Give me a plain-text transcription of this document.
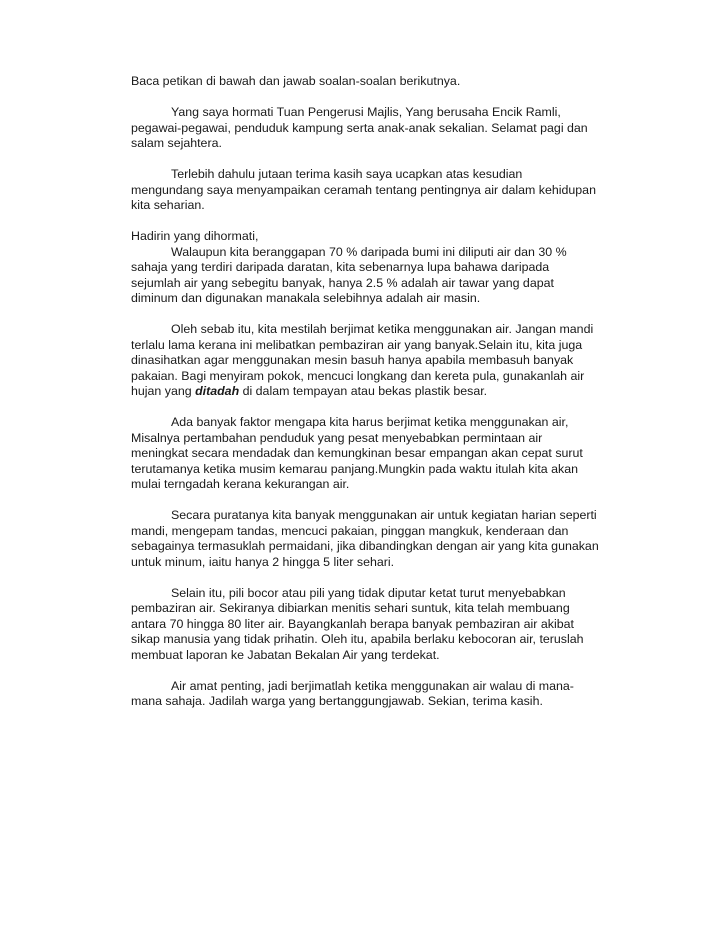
Baca petikan di bawah dan jawab soalan-soalan berikutnya.
Yang saya hormati Tuan Pengerusi Majlis, Yang berusaha Encik Ramli,
pegawai-pegawai, penduduk kampung serta anak-anak sekalian. Selamat pagi dan
salam sejahtera.
Terlebih dahulu jutaan terima kasih saya ucapkan atas kesudian
mengundang saya menyampaikan ceramah tentang pentingnya air dalam kehidupan
kita seharian.
Hadirin yang dihormati,
Walaupun kita beranggapan 70 % daripada bumi ini diliputi air dan 30 %
sahaja yang terdiri daripada daratan, kita sebenarnya lupa bahawa daripada
sejumlah air yang sebegitu banyak, hanya 2.5 % adalah air tawar yang dapat
diminum dan digunakan manakala selebihnya adalah air masin.
Oleh sebab itu, kita mestilah berjimat ketika menggunakan air. Jangan mandi
terlalu lama kerana ini melibatkan pembaziran air yang banyak.Selain itu, kita juga
dinasihatkan agar menggunakan mesin basuh hanya apabila membasuh banyak
pakaian. Bagi menyiram pokok, mencuci longkang dan kereta pula, gunakanlah air
hujan yang ditadah di dalam tempayan atau bekas plastik besar.
Ada banyak faktor mengapa kita harus berjimat ketika menggunakan air,
Misalnya pertambahan penduduk yang pesat menyebabkan permintaan air
meningkat secara mendadak dan kemungkinan besar empangan akan cepat surut
terutamanya ketika musim kemarau panjang.Mungkin pada waktu itulah kita akan
mulai terngadah kerana kekurangan air.
Secara puratanya kita banyak menggunakan air untuk kegiatan harian seperti
mandi, mengepam tandas, mencuci pakaian, pinggan mangkuk, kenderaan dan
sebagainya termasuklah permaidani, jika dibandingkan dengan air yang kita gunakan
untuk minum, iaitu hanya 2 hingga 5 liter sehari.
Selain itu, pili bocor atau pili yang tidak diputar ketat turut menyebabkan
pembaziran air. Sekiranya dibiarkan menitis sehari suntuk, kita telah membuang
antara 70 hingga 80 liter air. Bayangkanlah berapa banyak pembaziran air akibat
sikap manusia yang tidak prihatin. Oleh itu, apabila berlaku kebocoran air, teruslah
membuat laporan ke Jabatan Bekalan Air yang terdekat.
Air amat penting, jadi berjimatlah ketika menggunakan air walau di mana-
mana sahaja. Jadilah warga yang bertanggungjawab. Sekian, terima kasih.
